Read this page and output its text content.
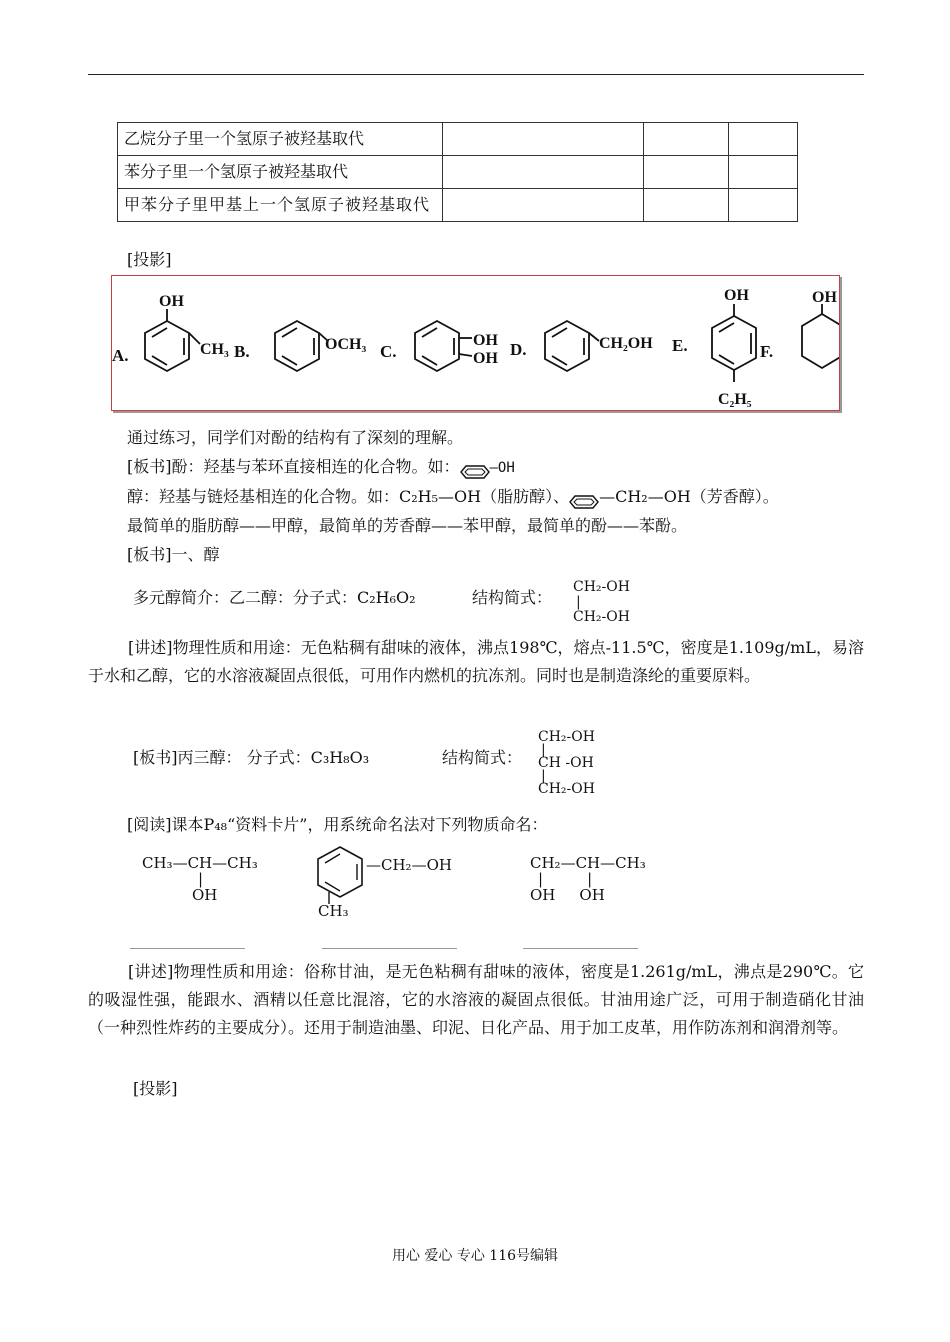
乙烷分子里一个氢原子被羟基取代			
苯分子里一个氢原子被羟基取代			
甲苯分子里甲基上一个氢原子被羟基取代			
[投影]
A.
OH
CH₃ B.	OCH₃ C.
OH
OH D.	CH₂OH E.
OH
C₂H₅
F.
OH
通过练习，同学们对酚的结构有了深刻的理解。
[板书]酚：羟基与苯环直接相连的化合物。如： —OH
醇：羟基与链烃基相连的化合物。如：C₂H₅—OH（脂肪醇）、 —CH₂—OH（芳香醇）。
最简单的脂肪醇——甲醇，最简单的芳香醇——苯甲醇，最简单的酚——苯酚。
[板书]一、醇
多元醇简介：乙二醇：分子式：C₂H₆O₂	结构简式：
CH₂-OH
|
CH₂-OH
[讲述]物理性质和用途：无色粘稠有甜味的液体，沸点198℃，熔点-11.5℃，密度是1.109g/mL，易溶于水和乙醇，它的水溶液凝固点很低，可用作内燃机的抗冻剂。同时也是制造涤纶的重要原料。
[板书]丙三醇： 分子式：C₃H₈O₃	结构简式：
CH₂-OH
|
CH -OH
|
CH₂-OH
[阅读]课本P₄₈“资料卡片”，用系统命名法对下列物质命名：
CH₃—CH—CH₃
|
OH
—CH₂—OH
CH₃
CH₂—CH—CH₃
|	|
OH OH
[讲述]物理性质和用途：俗称甘油，是无色粘稠有甜味的液体，密度是1.261g/mL，沸点是290℃。它的吸湿性强，能跟水、酒精以任意比混溶，它的水溶液的凝固点很低。甘油用途广泛，可用于制造硝化甘油（一种烈性炸药的主要成分）。还用于制造油墨、印泥、日化产品、用于加工皮革，用作防冻剂和润滑剂等。
[投影]
用心 爱心 专心 116号编辑
